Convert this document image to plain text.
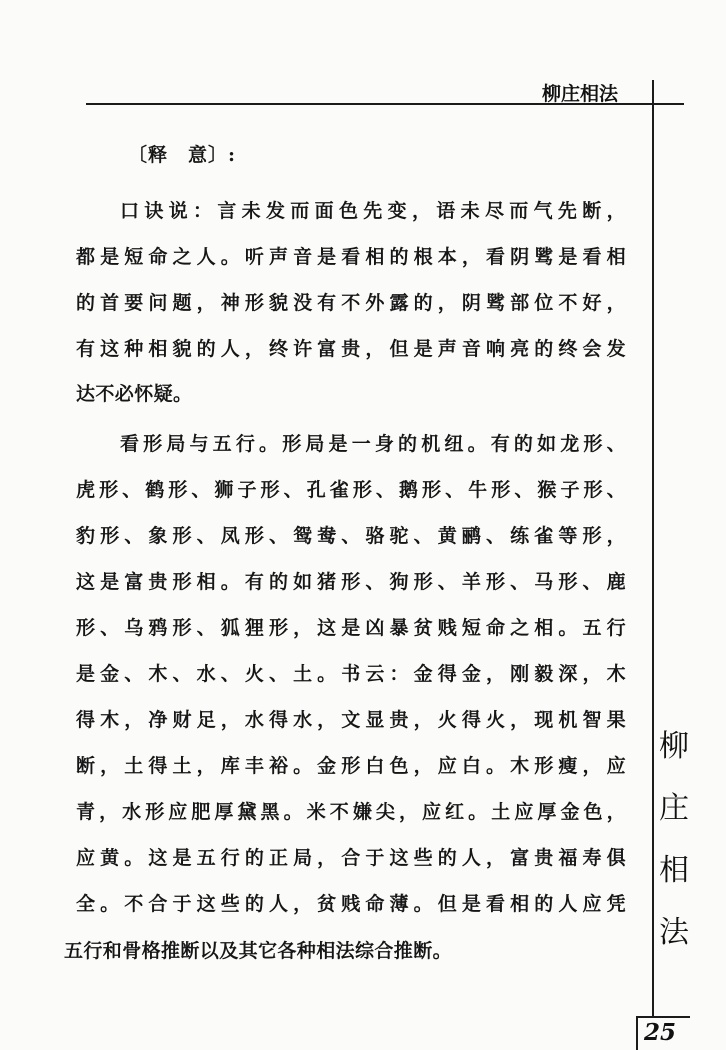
柳庄相法
柳
庄
相
法
25
〔释　意〕:
口诀说：言未发而面色先变，语未尽而气先断，
都是短命之人。听声音是看相的根本，看阴骘是看相
的首要问题，神形貌没有不外露的，阴骘部位不好，
有这种相貌的人，终许富贵，但是声音响亮的终会发
达不必怀疑。
看形局与五行。形局是一身的机纽。有的如龙形、
虎形、鹤形、狮子形、孔雀形、鹅形、牛形、猴子形、
豹形、象形、凤形、鸳鸯、骆驼、黄鹂、练雀等形，
这是富贵形相。有的如猪形、狗形、羊形、马形、鹿
形、乌鸦形、狐狸形，这是凶暴贫贱短命之相。五行
是金、木、水、火、土。书云：金得金，刚毅深，木
得木，净财足，水得水，文显贵，火得火，现机智果
断，土得土，库丰裕。金形白色，应白。木形瘦，应
青，水形应肥厚黛黑。米不嫌尖，应红。土应厚金色，
应黄。这是五行的正局，合于这些的人，富贵福寿俱
全。不合于这些的人，贫贱命薄。但是看相的人应凭
五行和骨格推断以及其它各种相法综合推断。
